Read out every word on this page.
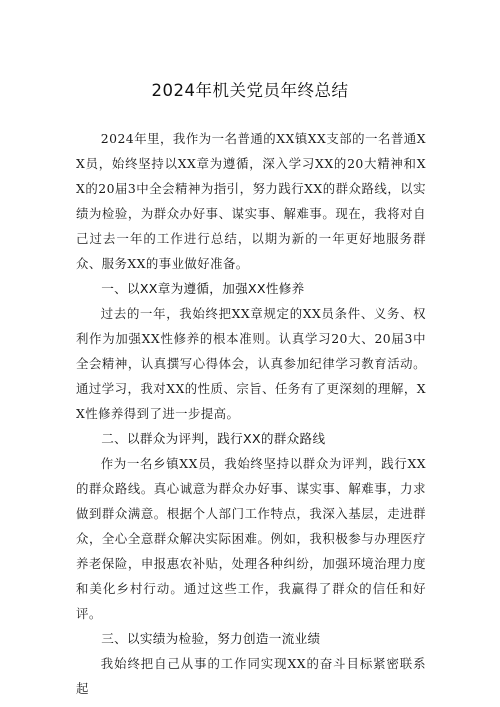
2024年机关党员年终总结

2024年里，我作为一名普通的XX镇XX支部的一名普通XX员，始终坚持以XX章为遵循，深入学习XX的20大精神和XX的20届3中全会精神为指引，努力践行XX的群众路线，以实绩为检验，为群众办好事、谋实事、解难事。现在，我将对自己过去一年的工作进行总结，以期为新的一年更好地服务群众、服务XX的事业做好准备。

一、以XX章为遵循，加强XX性修养

过去的一年，我始终把XX章规定的XX员条件、义务、权利作为加强XX性修养的根本准则。认真学习20大、20届3中全会精神，认真撰写心得体会，认真参加纪律学习教育活动。通过学习，我对XX的性质、宗旨、任务有了更深刻的理解，XX性修养得到了进一步提高。

二、以群众为评判，践行XX的群众路线

作为一名乡镇XX员，我始终坚持以群众为评判，践行XX的群众路线。真心诚意为群众办好事、谋实事、解难事，力求做到群众满意。根据个人部门工作特点，我深入基层，走进群众，全心全意群众解决实际困难。例如，我积极参与办理医疗养老保险，申报惠农补贴，处理各种纠纷，加强环境治理力度和美化乡村行动。通过这些工作，我赢得了群众的信任和好评。

三、以实绩为检验，努力创造一流业绩

我始终把自己从事的工作同实现XX的奋斗目标紧密联系起
